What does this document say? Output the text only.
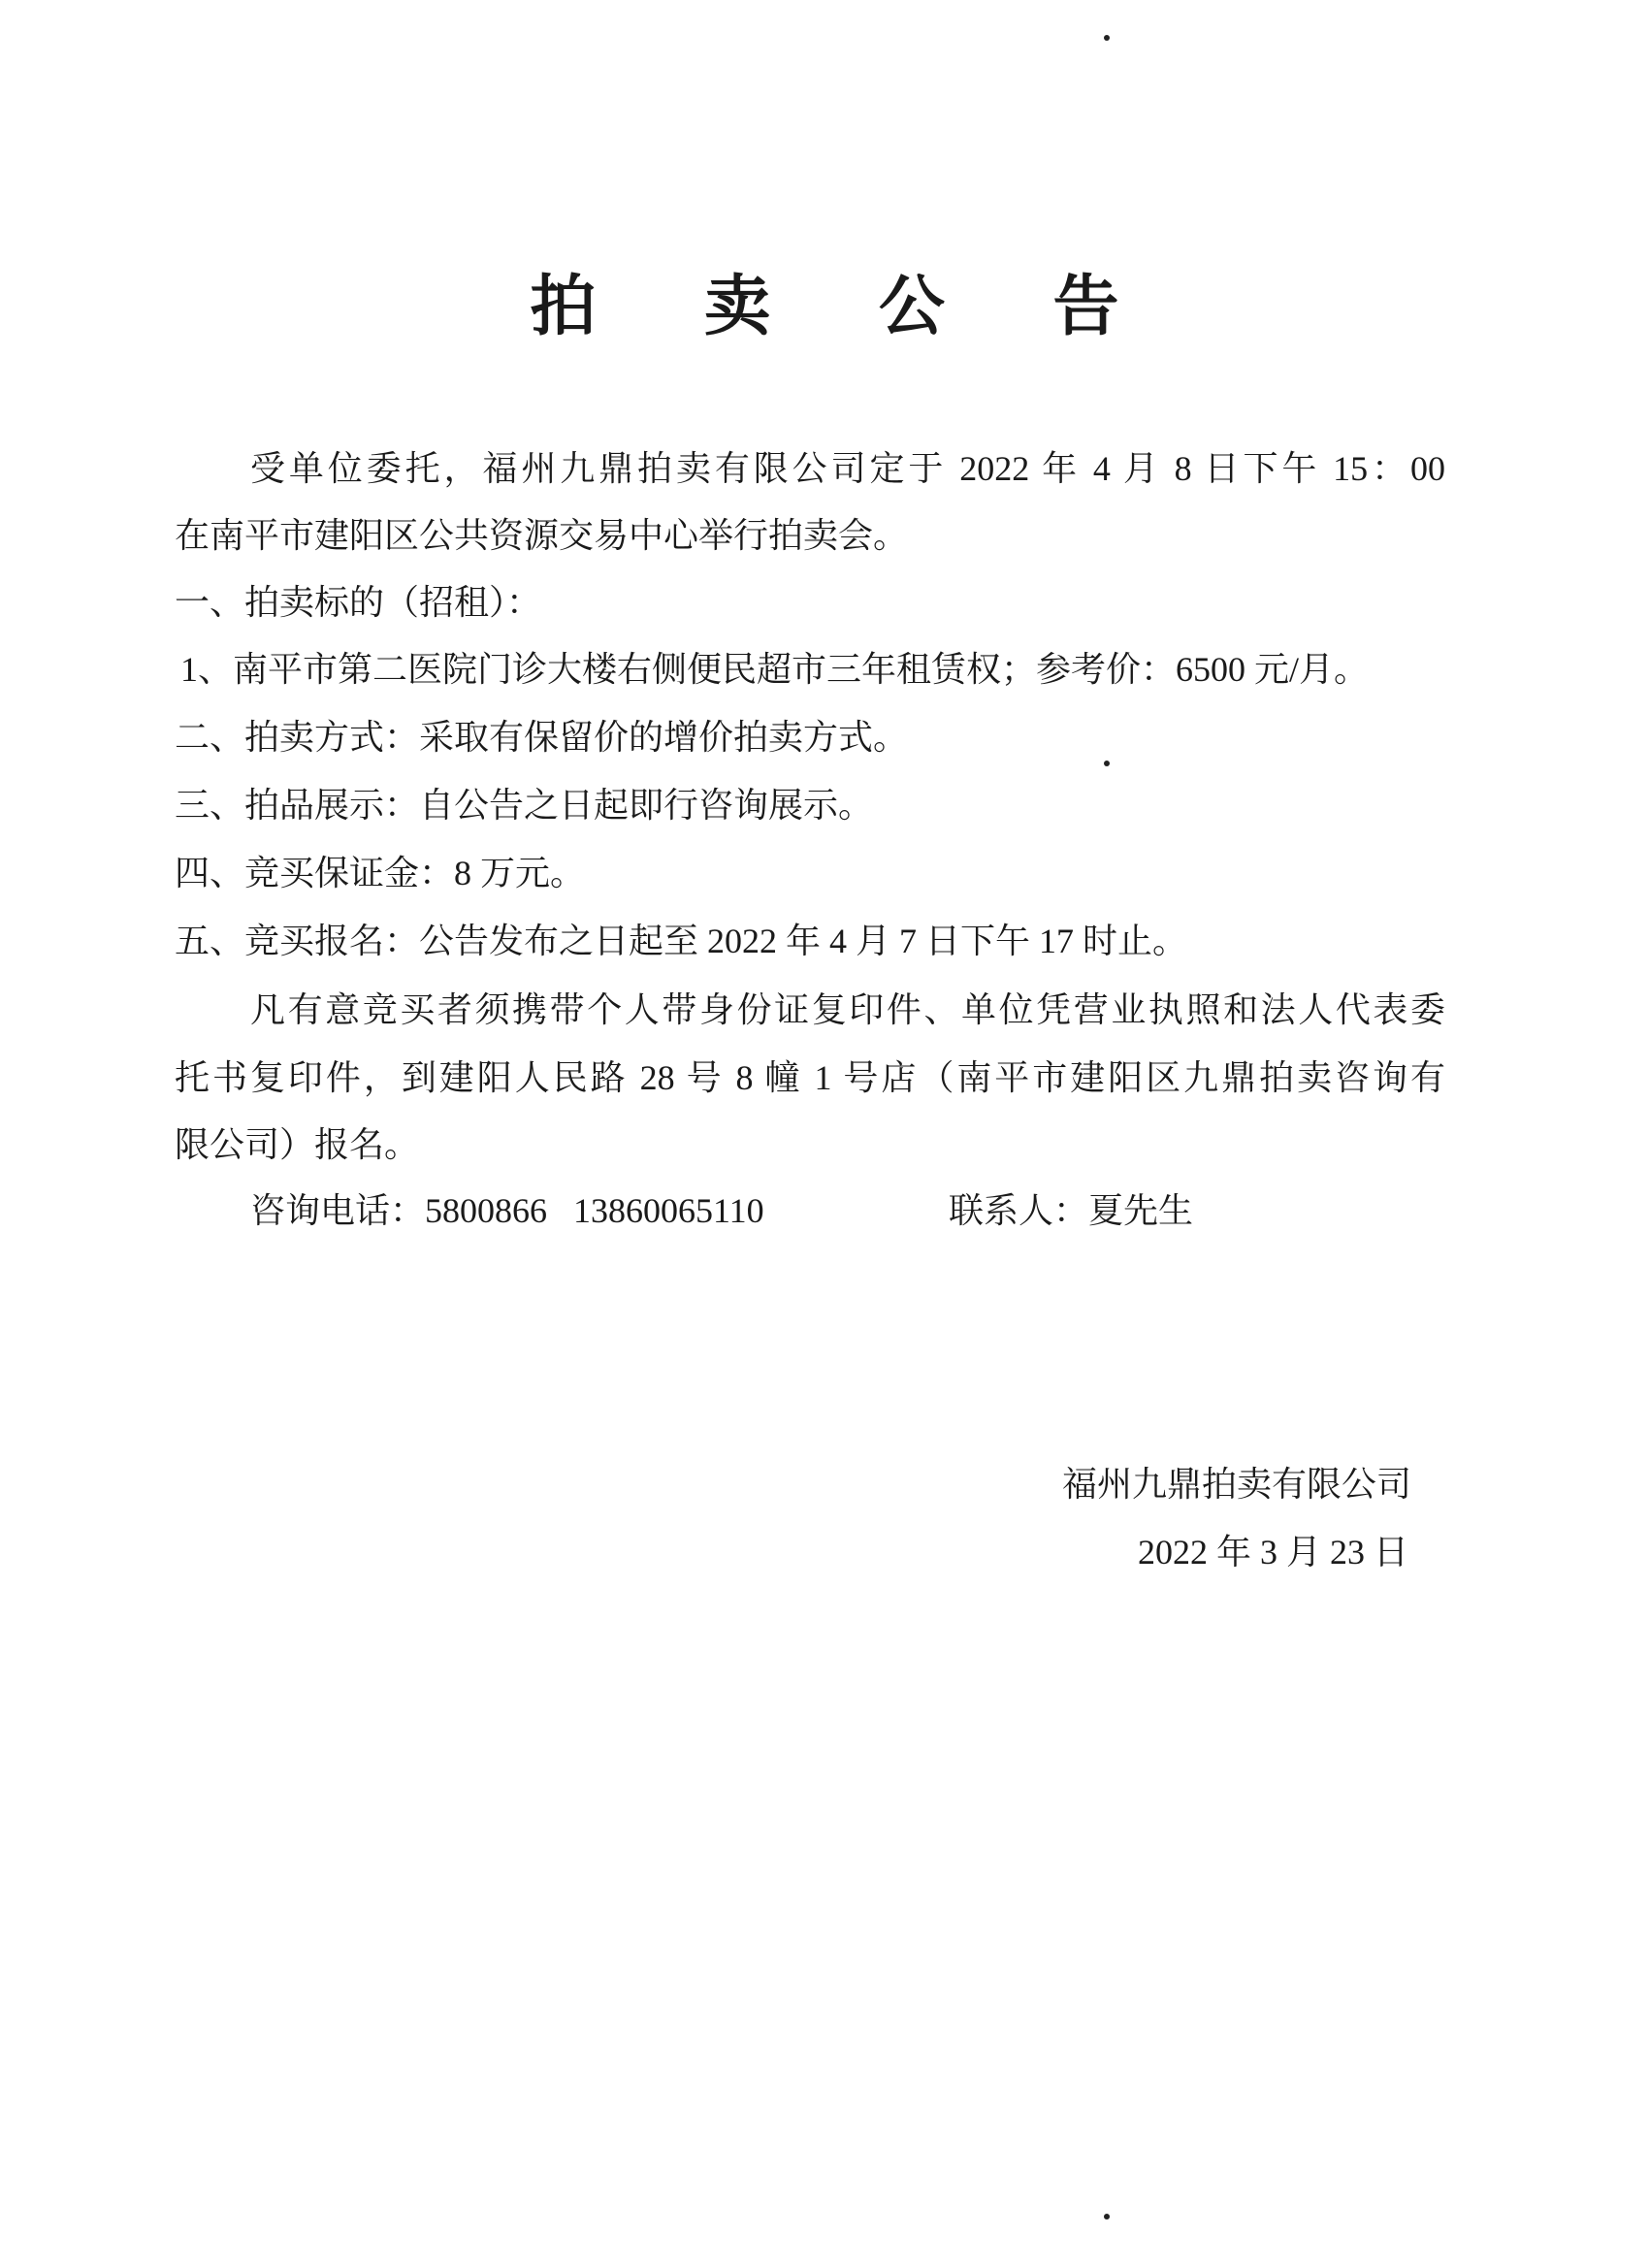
拍 卖 公 告
受单位委托，福州九鼎拍卖有限公司定于 2022 年 4 月 8 日下午 15：00
在南平市建阳区公共资源交易中心举行拍卖会。
一、拍卖标的（招租）：
1、南平市第二医院门诊大楼右侧便民超市三年租赁权；参考价：6500 元/月。
二、拍卖方式：采取有保留价的增价拍卖方式。
三、拍品展示：自公告之日起即行咨询展示。
四、竞买保证金：8 万元。
五、竞买报名：公告发布之日起至 2022 年 4 月 7 日下午 17 时止。
凡有意竞买者须携带个人带身份证复印件、单位凭营业执照和法人代表委
托书复印件，到建阳人民路 28 号 8 幢 1 号店（南平市建阳区九鼎拍卖咨询有
限公司）报名。
咨询电话：5800866   13860065110	联系人：夏先生
福州九鼎拍卖有限公司
2022 年 3 月 23 日
